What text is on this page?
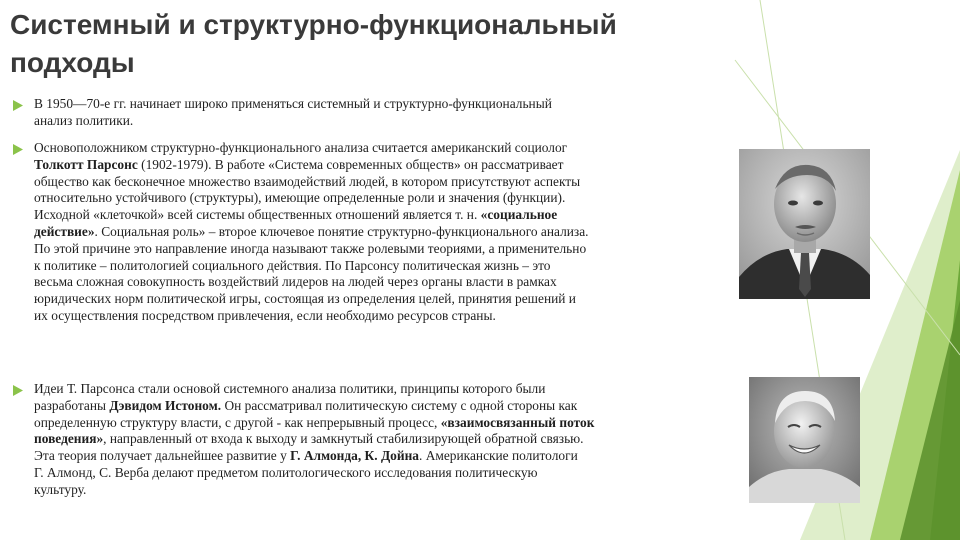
Системный и структурно-функциональный
подходы
В 1950—70-е гг. начинает широко применяться системный и структурно-функциональный
анализ политики.
Основоположником структурно-функционального анализа считается американский социолог
Толкотт Парсонс (1902-1979). В работе «Система современных обществ» он рассматривает
общество как бесконечное множество взаимодействий людей, в котором присутствуют аспекты
относительно устойчивого (структуры), имеющие определенные роли и значения (функции).
Исходной «клеточкой» всей системы общественных отношений является т. н. «социальное
действие». Социальная роль» – второе ключевое понятие структурно-функционального анализа.
По этой причине это направление иногда называют также ролевыми теориями, а применительно
к политике – политологией социального действия. По Парсонсу политическая жизнь – это
весьма сложная совокупность воздействий лидеров на людей через органы власти в рамках
юридических норм политической игры, состоящая из определения целей, принятия решений и
их осуществления посредством привлечения, если необходимо ресурсов страны.
Идеи Т. Парсонса стали основой системного анализа политики, принципы которого были
разработаны Дэвидом Истоном. Он рассматривал политическую систему с одной стороны как
определенную структуру власти, с другой - как непрерывный процесс, «взаимосвязанный поток
поведения», направленный от входа к выходу и замкнутый стабилизирующей обратной связью.
Эта теория получает дальнейшее развитие у Г. Алмонда, К. Дойна. Американские политологи
Г. Алмонд, С. Верба делают предметом политологического исследования политическую
культуру.
